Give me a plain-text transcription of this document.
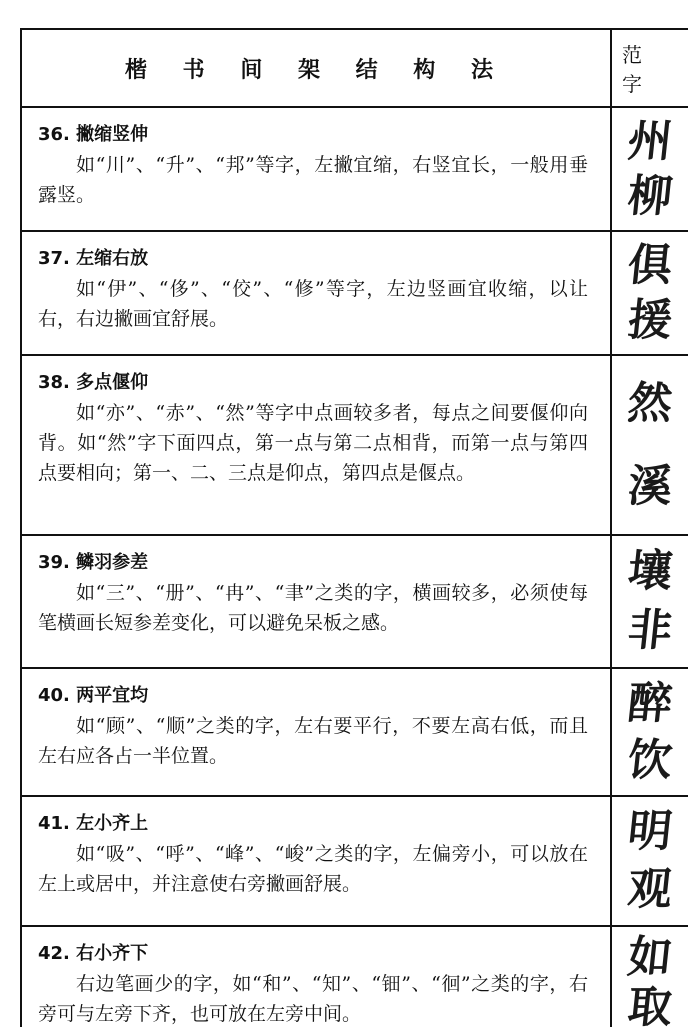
楷 书 间 架 结 构 法
范字
36. 撇缩竖伸

如“川”、“升”、“邦”等字，左撇宜缩，右竖宜长，一般用垂露竖。

州
柳
37. 左缩右放

如“伊”、“侈”、“佼”、“修”等字，左边竖画宜收缩，以让右，右边撇画宜舒展。

俱
援
38. 多点偃仰

如“亦”、“赤”、“然”等字中点画较多者，每点之间要偃仰向背。如“然”字下面四点，第一点与第二点相背，而第一点与第四点要相向；第一、二、三点是仰点，第四点是偃点。

然
溪
39. 鳞羽参差

如“三”、“册”、“冉”、“聿”之类的字，横画较多，必须使每笔横画长短参差变化，可以避免呆板之感。

壤
非
40. 两平宜均

如“顾”、“顺”之类的字，左右要平行，不要左高右低，而且左右应各占一半位置。

醉
饮
41. 左小齐上

如“吸”、“呼”、“峰”、“峻”之类的字，左偏旁小，可以放在左上或居中，并注意使右旁撇画舒展。

明
观
42. 右小齐下

右边笔画少的字，如“和”、“知”、“钿”、“徊”之类的字，右旁可与左旁下齐，也可放在左旁中间。

如
取
